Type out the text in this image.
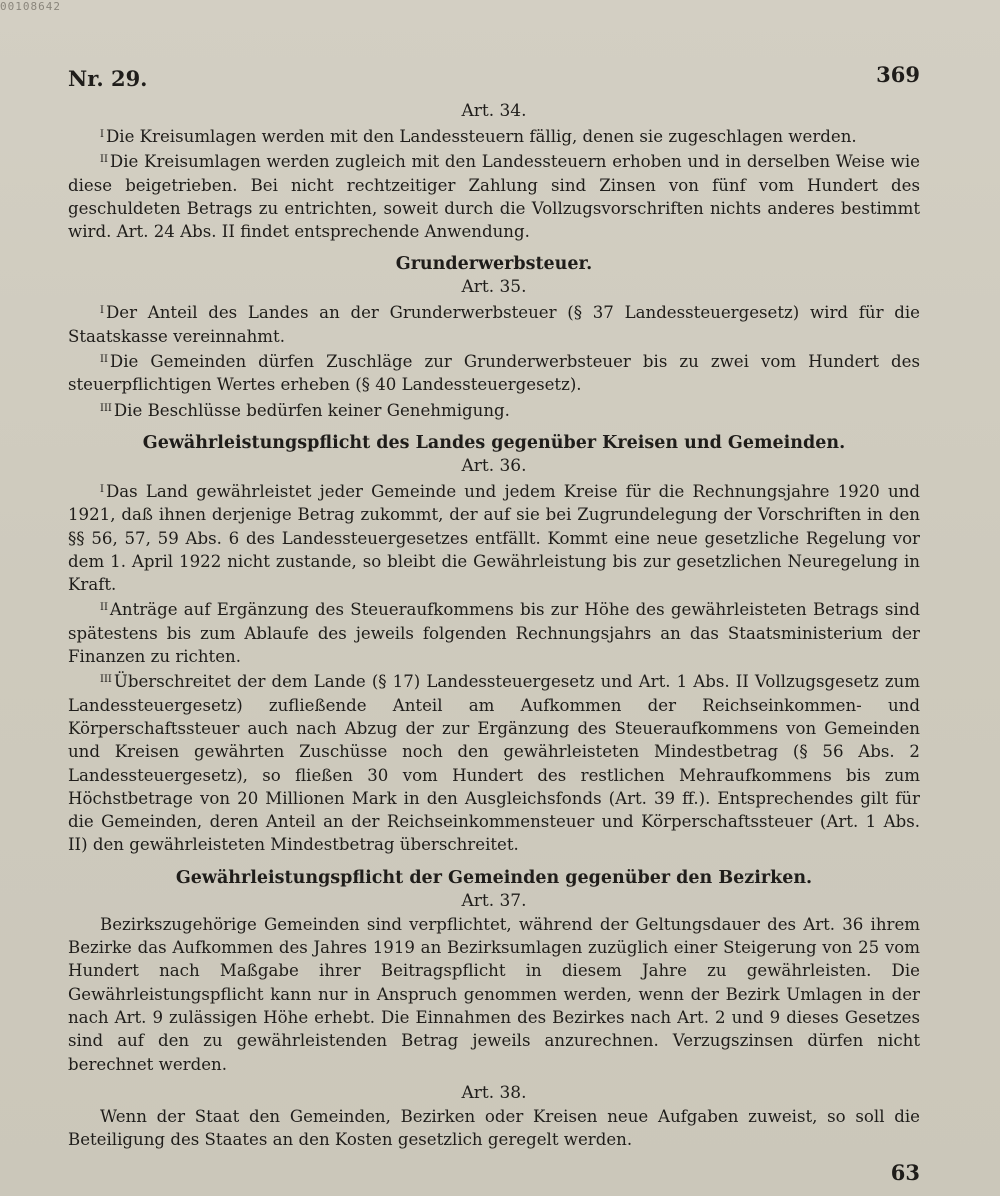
00108642
Nr. 29.	369
Art. 34.

$^I$ Die Kreisumlagen werden mit den Landessteuern fällig, denen sie zugeschlagen werden.

$^{II}$ Die Kreisumlagen werden zugleich mit den Landessteuern erhoben und in derselben Weise wie diese beigetrieben. Bei nicht rechtzeitiger Zahlung sind Zinsen von fünf vom Hundert des geschuldeten Betrags zu entrichten, soweit durch die Vollzugsvorschriften nichts anderes bestimmt wird. Art. 24 Abs. II findet entsprechende Anwendung.

Grunderwerbsteuer.
Art. 35.

$^I$ Der Anteil des Landes an der Grunderwerbsteuer (§ 37 Landessteuergesetz) wird für die Staatskasse vereinnahmt.

$^{II}$ Die Gemeinden dürfen Zuschläge zur Grunderwerbsteuer bis zu zwei vom Hundert des steuerpflichtigen Wertes erheben (§ 40 Landessteuergesetz).

$^{III}$ Die Beschlüsse bedürfen keiner Genehmigung.

Gewährleistungspflicht des Landes gegenüber Kreisen und Gemeinden.
Art. 36.

$^I$ Das Land gewährleistet jeder Gemeinde und jedem Kreise für die Rechnungsjahre 1920 und 1921, daß ihnen derjenige Betrag zukommt, der auf sie bei Zugrundelegung der Vorschriften in den §§ 56, 57, 59 Abs. 6 des Landessteuergesetzes entfällt. Kommt eine neue gesetzliche Regelung vor dem 1. April 1922 nicht zustande, so bleibt die Gewährleistung bis zur gesetzlichen Neuregelung in Kraft.

$^{II}$ Anträge auf Ergänzung des Steueraufkommens bis zur Höhe des gewährleisteten Betrags sind spätestens bis zum Ablaufe des jeweils folgenden Rechnungsjahrs an das Staatsministerium der Finanzen zu richten.

$^{III}$ Überschreitet der dem Lande (§ 17) Landessteuergesetz und Art. 1 Abs. II Vollzugsgesetz zum Landessteuergesetz) zufließende Anteil am Aufkommen der Reichseinkommen- und Körperschaftssteuer auch nach Abzug der zur Ergänzung des Steueraufkommens von Gemeinden und Kreisen gewährten Zuschüsse noch den gewährleisteten Mindestbetrag (§ 56 Abs. 2 Landessteuergesetz), so fließen 30 vom Hundert des restlichen Mehraufkommens bis zum Höchstbetrage von 20 Millionen Mark in den Ausgleichsfonds (Art. 39 ff.). Entsprechendes gilt für die Gemeinden, deren Anteil an der Reichseinkommensteuer und Körperschaftssteuer (Art. 1 Abs. II) den gewährleisteten Mindestbetrag überschreitet.

Gewährleistungspflicht der Gemeinden gegenüber den Bezirken.
Art. 37.

Bezirkszugehörige Gemeinden sind verpflichtet, während der Geltungsdauer des Art. 36 ihrem Bezirke das Aufkommen des Jahres 1919 an Bezirksumlagen zuzüglich einer Steigerung von 25 vom Hundert nach Maßgabe ihrer Beitragspflicht in diesem Jahre zu gewährleisten. Die Gewährleistungspflicht kann nur in Anspruch genommen werden, wenn der Bezirk Umlagen in der nach Art. 9 zulässigen Höhe erhebt. Die Einnahmen des Bezirkes nach Art. 2 und 9 dieses Gesetzes sind auf den zu gewährleistenden Betrag jeweils anzurechnen. Verzugszinsen dürfen nicht berechnet werden.

Art. 38.

Wenn der Staat den Gemeinden, Bezirken oder Kreisen neue Aufgaben zuweist, so soll die Beteiligung des Staates an den Kosten gesetzlich geregelt werden.

63
